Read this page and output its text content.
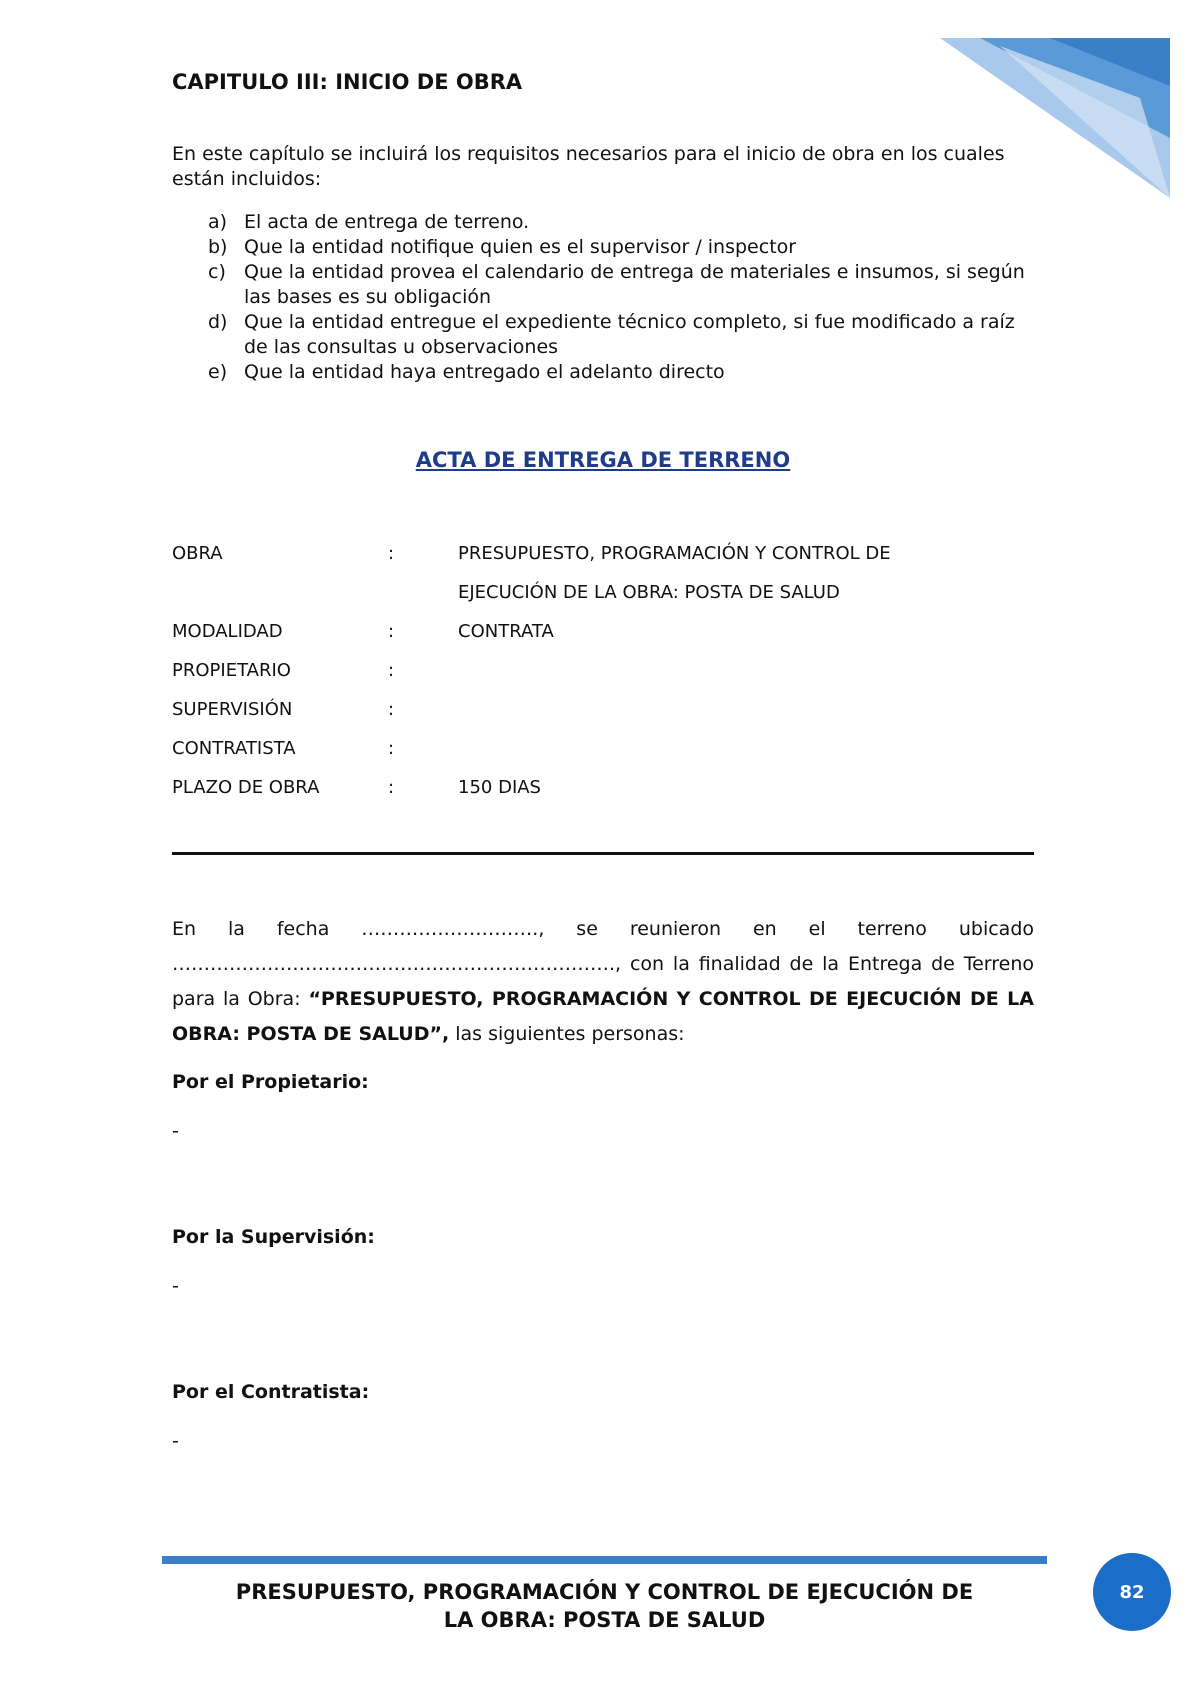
CAPITULO III: INICIO DE OBRA

En este capítulo se incluirá los requisitos necesarios para el inicio de obra en los cuales están incluidos:

a) El acta de entrega de terreno.
b) Que la entidad notifique quien es el supervisor / inspector
c) Que la entidad provea el calendario de entrega de materiales e insumos, si según las bases es su obligación
d) Que la entidad entregue el expediente técnico completo, si fue modificado a raíz de las consultas u observaciones
e) Que la entidad haya entregado el adelanto directo
ACTA DE ENTREGA DE TERRENO
OBRA	:	PRESUPUESTO, PROGRAMACIÓN Y CONTROL DE
EJECUCIÓN DE LA OBRA: POSTA DE SALUD
MODALIDAD	:	CONTRATA
PROPIETARIO	:
SUPERVISIÓN	:
CONTRATISTA	:
PLAZO DE OBRA	:	150 DIAS

En la fecha ………………………., se reunieron en el terreno ubicado ……………………………………………………………., con la finalidad de la Entrega de Terreno para la Obra: “PRESUPUESTO, PROGRAMACIÓN Y CONTROL DE EJECUCIÓN DE LA OBRA: POSTA DE SALUD”, las siguientes personas:

Por el Propietario:

-

Por la Supervisión:

-

Por el Contratista:

-

PRESUPUESTO, PROGRAMACIÓN Y CONTROL DE EJECUCIÓN DE
LA OBRA: POSTA DE SALUD

82
